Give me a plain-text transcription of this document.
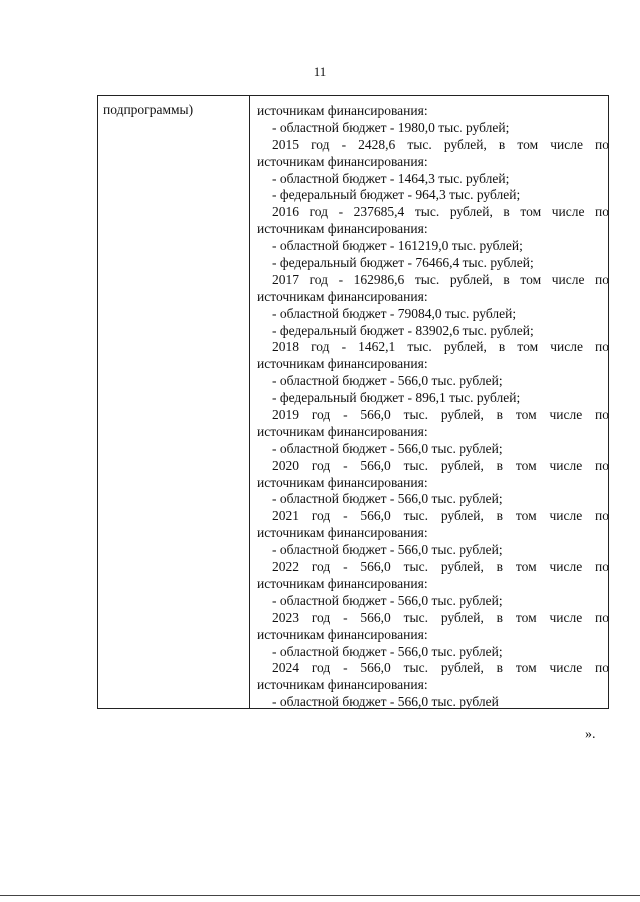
11
подпрограммы)	источникам финансирования:
- областной бюджет - 1980,0 тыс. рублей;
2015 год - 2428,6 тыс. рублей, в том числе по
источникам финансирования:
- областной бюджет - 1464,3 тыс. рублей;
- федеральный бюджет - 964,3 тыс. рублей;
2016 год - 237685,4 тыс. рублей, в том числе по
источникам финансирования:
- областной бюджет - 161219,0 тыс. рублей;
- федеральный бюджет - 76466,4 тыс. рублей;
2017 год - 162986,6 тыс. рублей, в том числе по
источникам финансирования:
- областной бюджет - 79084,0 тыс. рублей;
- федеральный бюджет - 83902,6 тыс. рублей;
2018 год - 1462,1 тыс. рублей, в том числе по
источникам финансирования:
- областной бюджет - 566,0 тыс. рублей;
- федеральный бюджет - 896,1 тыс. рублей;
2019 год - 566,0 тыс. рублей, в том числе по
источникам финансирования:
- областной бюджет - 566,0 тыс. рублей;
2020 год - 566,0 тыс. рублей, в том числе по
источникам финансирования:
- областной бюджет - 566,0 тыс. рублей;
2021 год - 566,0 тыс. рублей, в том числе по
источникам финансирования:
- областной бюджет - 566,0 тыс. рублей;
2022 год - 566,0 тыс. рублей, в том числе по
источникам финансирования:
- областной бюджет - 566,0 тыс. рублей;
2023 год - 566,0 тыс. рублей, в том числе по
источникам финансирования:
- областной бюджет - 566,0 тыс. рублей;
2024 год - 566,0 тыс. рублей, в том числе по
источникам финансирования:
- областной бюджет - 566,0 тыс. рублей
».
